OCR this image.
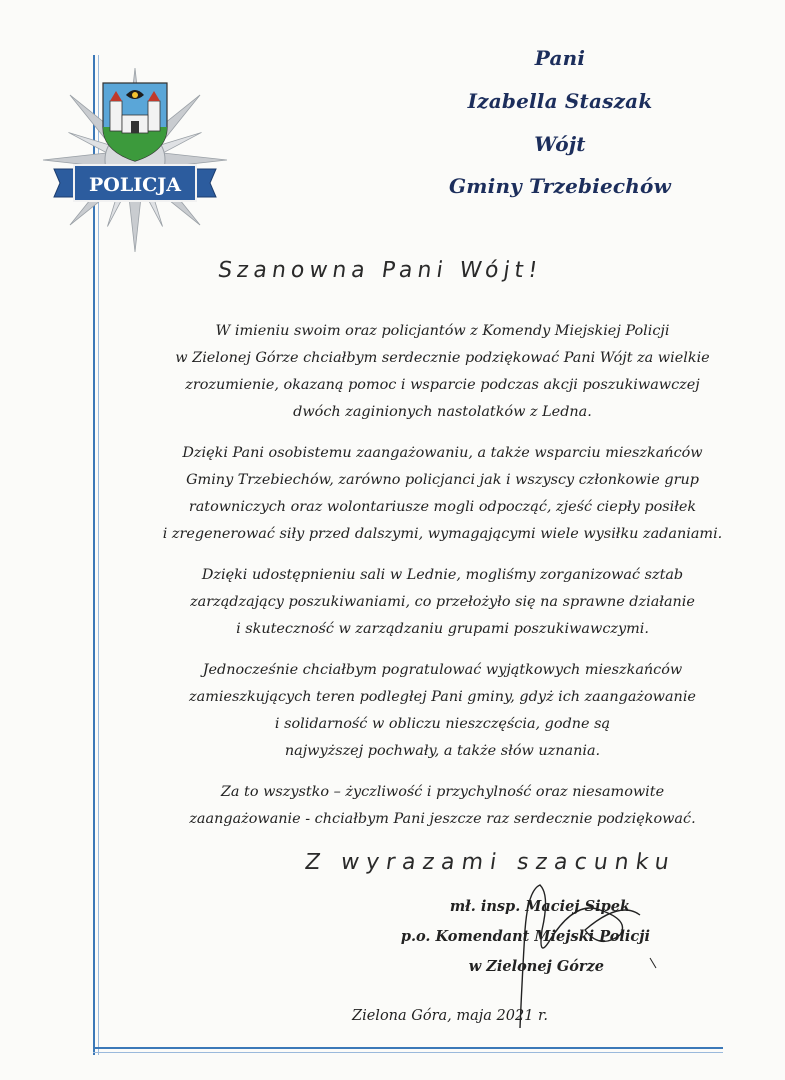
POLICJA
Pani
Izabella Staszak
Wójt
Gminy Trzebiechów
Szanowna Pani Wójt!
W imieniu swoim oraz policjantów z Komendy Miejskiej Policji
w Zielonej Górze chciałbym serdecznie podziękować Pani Wójt za wielkie
zrozumienie, okazaną pomoc i wsparcie podczas akcji poszukiwawczej
dwóch zaginionych nastolatków z Ledna.
Dzięki Pani osobistemu zaangażowaniu, a także wsparciu mieszkańców
Gminy Trzebiechów, zarówno policjanci jak i wszyscy członkowie grup
ratowniczych oraz wolontariusze mogli odpocząć, zjeść ciepły posiłek
i zregenerować siły przed dalszymi, wymagającymi wiele wysiłku zadaniami.
Dzięki udostępnieniu sali w Lednie, mogliśmy zorganizować sztab
zarządzający poszukiwaniami, co przełożyło się na sprawne działanie
i skuteczność w zarządzaniu grupami poszukiwawczymi.
Jednocześnie chciałbym pogratulować wyjątkowych mieszkańców
zamieszkujących teren podległej Pani gminy, gdyż ich zaangażowanie
i solidarność w obliczu nieszczęścia, godne są
najwyższej pochwały, a także słów uznania.
Za to wszystko – życzliwość i przychylność oraz niesamowite
zaangażowanie - chciałbym Pani jeszcze raz serdecznie podziękować.
Z wyrazami szacunku
mł. insp. Maciej Sipek
p.o. Komendant Miejski Policji
w Zielonej Górze
Zielona Góra, maja 2021 r.
